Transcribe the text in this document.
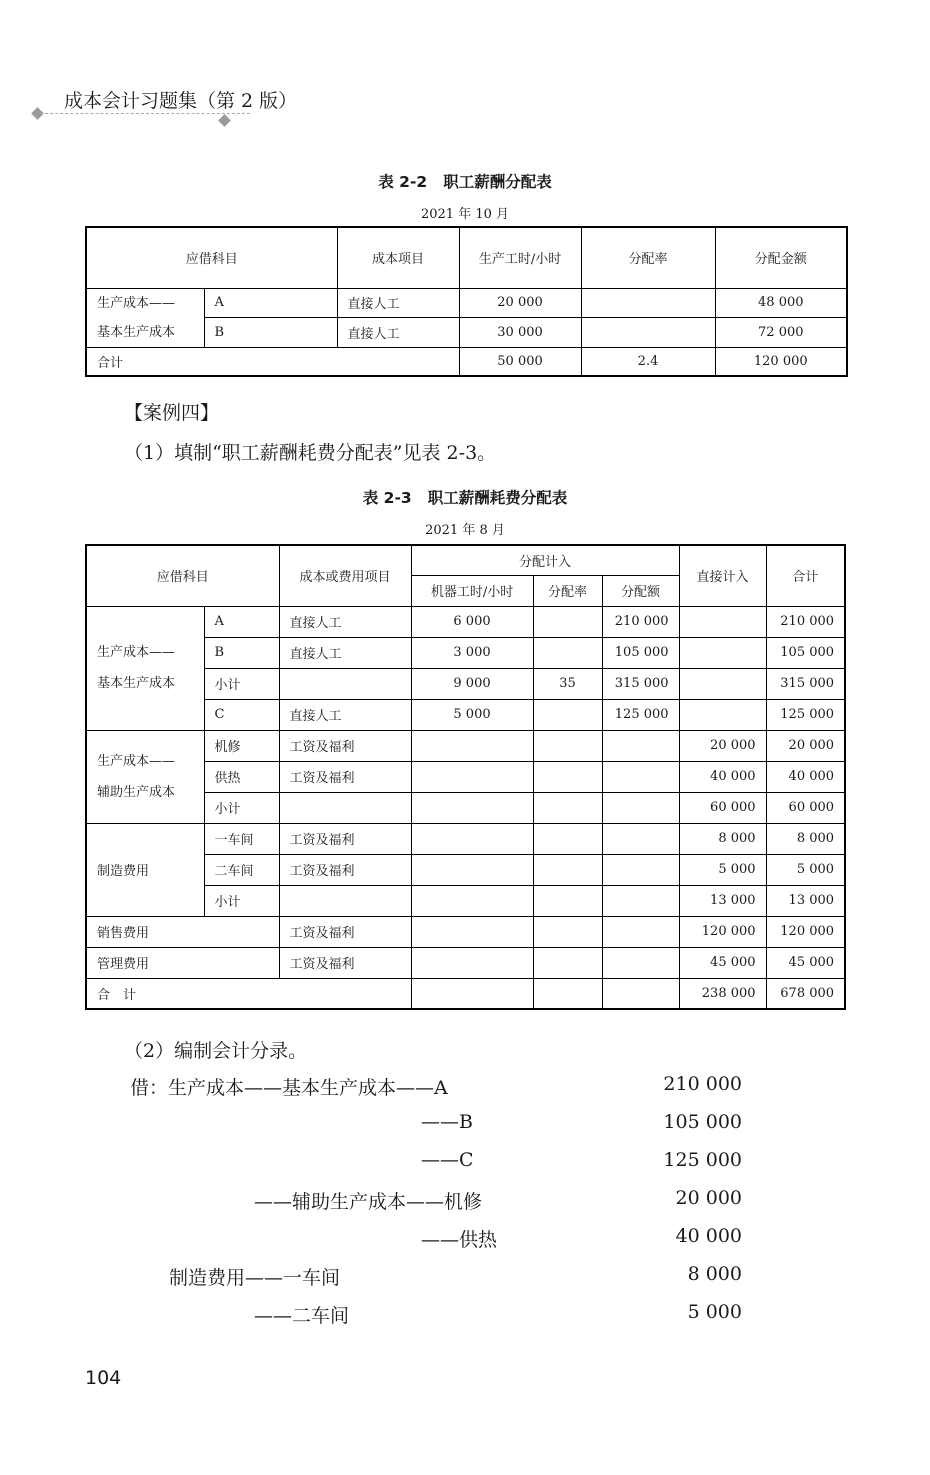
成本会计习题集（第 2 版）
表 2-2 职工薪酬分配表
2021 年 10 月
应借科目		成本项目	生产工时/小时	分配率	分配金额

生产成本——
基本生产成本	A	直接人工	20 000		48 000
	B	直接人工	30 000		72 000
合计			50 000	2.4	120 000
【案例四】
（1）填制“职工薪酬耗费分配表”见表 2-3。
表 2-3 职工薪酬耗费分配表
2021 年 8 月
应借科目		成本或费用项目	分配计入			直接计入	合计
			机器工时/小时	分配率	分配额		

生产成本——
基本生产成本	A	直接人工	6 000		210 000		210 000
	B	直接人工	3 000		105 000		105 000
	小计		9 000	35	315 000		315 000
	C	直接人工	5 000		125 000		125 000

生产成本——
辅助生产成本	机修	工资及福利				20 000	20 000
	供热	工资及福利				40 000	40 000
	小计					60 000	60 000
制造费用	一车间	工资及福利				8 000	8 000
	二车间	工资及福利				5 000	5 000
	小计					13 000	13 000
销售费用		工资及福利				120 000	120 000
管理费用		工资及福利				45 000	45 000
合　计						238 000	678 000
（2）编制会计分录。
借：生产成本——基本生产成本——A	210 000
——B	105 000
——C	125 000
——辅助生产成本——机修	20 000
——供热	40 000
制造费用——一车间	8 000
——二车间	5 000
104
